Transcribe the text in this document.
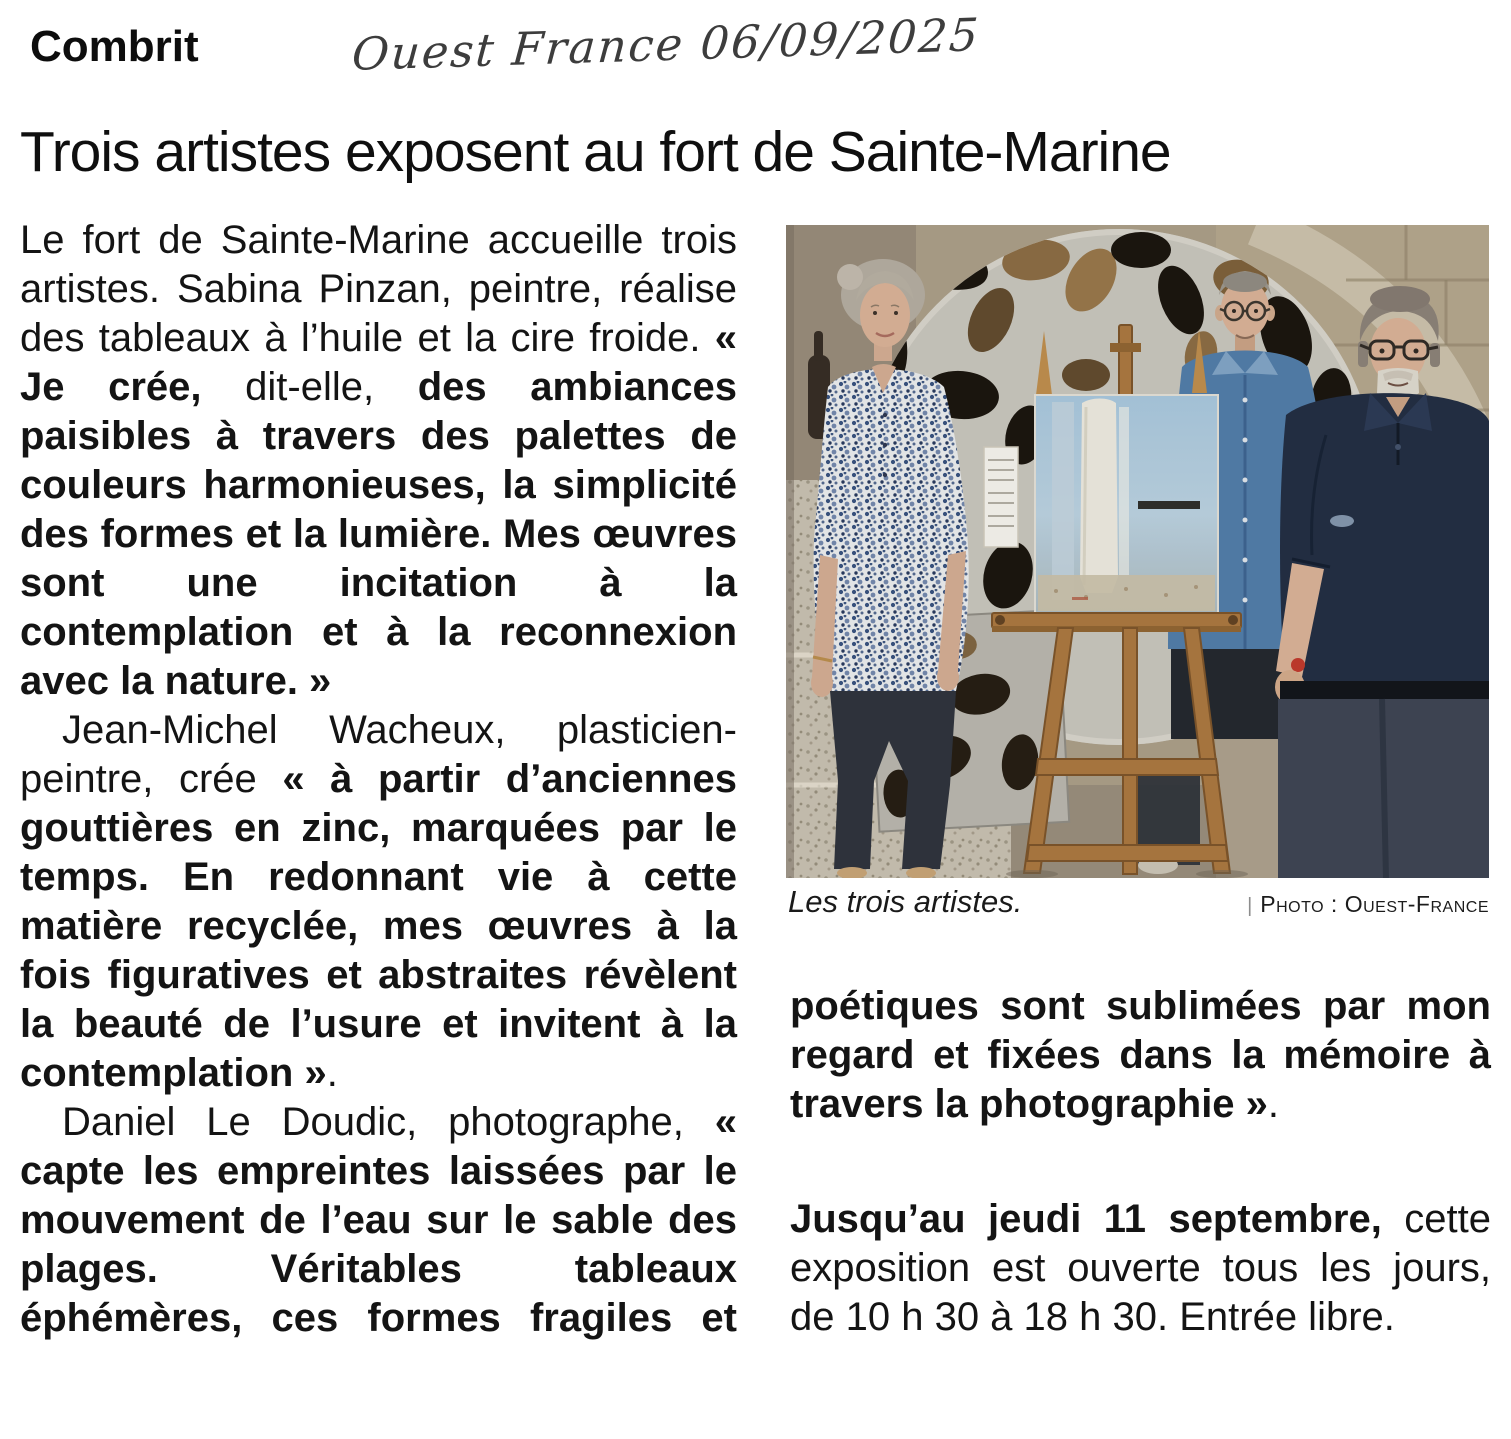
Combrit	Ouest France 06/09/2025
Trois artistes exposent au fort de Sainte-Marine

Le fort de Sainte-Marine accueille trois artistes. Sabina Pinzan, peintre, réalise des tableaux à l’huile et la cire froide. « Je crée, dit-elle, des ambiances paisibles à travers des palettes de couleurs harmonieuses, la simplicité des formes et la lumière. Mes œuvres sont une incitation à la contemplation et à la reconnexion avec la nature. »

Jean-Michel Wacheux, plasticien-peintre, crée « à partir d’anciennes gouttières en zinc, marquées par le temps. En redonnant vie à cette matière recyclée, mes œuvres à la fois figuratives et abstraites révèlent la beauté de l’usure et invitent à la contemplation ».

Daniel Le Doudic, photographe, « capte les empreintes laissées par le mouvement de l’eau sur le sable des plages. Véritables tableaux éphémères, ces formes fragiles et

Les trois artistes.	| Photo : Ouest-France

poétiques sont sublimées par mon regard et fixées dans la mémoire à travers la photographie ».

Jusqu’au jeudi 11 septembre, cette exposition est ouverte tous les jours, de 10 h 30 à 18 h 30. Entrée libre.
